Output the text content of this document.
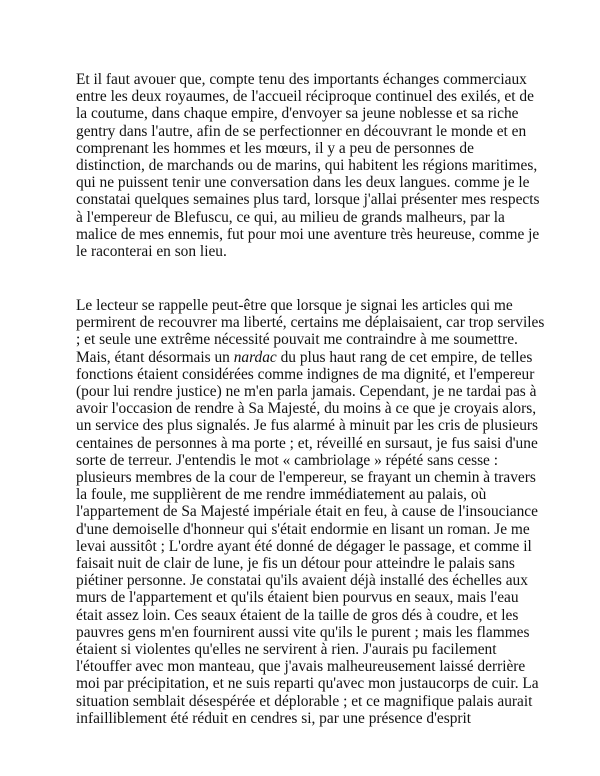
Et il faut avouer que, compte tenu des importants échanges commerciaux
entre les deux royaumes, de l'accueil réciproque continuel des exilés, et de
la coutume, dans chaque empire, d'envoyer sa jeune noblesse et sa riche
gentry dans l'autre, afin de se perfectionner en découvrant le monde et en
comprenant les hommes et les mœurs, il y a peu de personnes de
distinction, de marchands ou de marins, qui habitent les régions maritimes,
qui ne puissent tenir une conversation dans les deux langues. comme je le
constatai quelques semaines plus tard, lorsque j'allai présenter mes respects
à l'empereur de Blefuscu, ce qui, au milieu de grands malheurs, par la
malice de mes ennemis, fut pour moi une aventure très heureuse, comme je
le raconterai en son lieu.

Le lecteur se rappelle peut-être que lorsque je signai les articles qui me
permirent de recouvrer ma liberté, certains me déplaisaient, car trop serviles
; et seule une extrême nécessité pouvait me contraindre à me soumettre.
Mais, étant désormais un nardac du plus haut rang de cet empire, de telles
fonctions étaient considérées comme indignes de ma dignité, et l'empereur
(pour lui rendre justice) ne m'en parla jamais. Cependant, je ne tardai pas à
avoir l'occasion de rendre à Sa Majesté, du moins à ce que je croyais alors,
un service des plus signalés. Je fus alarmé à minuit par les cris de plusieurs
centaines de personnes à ma porte ; et, réveillé en sursaut, je fus saisi d'une
sorte de terreur. J'entendis le mot « cambriolage » répété sans cesse :
plusieurs membres de la cour de l'empereur, se frayant un chemin à travers
la foule, me supplièrent de me rendre immédiatement au palais, où
l'appartement de Sa Majesté impériale était en feu, à cause de l'insouciance
d'une demoiselle d'honneur qui s'était endormie en lisant un roman. Je me
levai aussitôt ; L'ordre ayant été donné de dégager le passage, et comme il
faisait nuit de clair de lune, je fis un détour pour atteindre le palais sans
piétiner personne. Je constatai qu'ils avaient déjà installé des échelles aux
murs de l'appartement et qu'ils étaient bien pourvus en seaux, mais l'eau
était assez loin. Ces seaux étaient de la taille de gros dés à coudre, et les
pauvres gens m'en fournirent aussi vite qu'ils le purent ; mais les flammes
étaient si violentes qu'elles ne servirent à rien. J'aurais pu facilement
l'étouffer avec mon manteau, que j'avais malheureusement laissé derrière
moi par précipitation, et ne suis reparti qu'avec mon justaucorps de cuir. La
situation semblait désespérée et déplorable ; et ce magnifique palais aurait
infailliblement été réduit en cendres si, par une présence d'esprit
